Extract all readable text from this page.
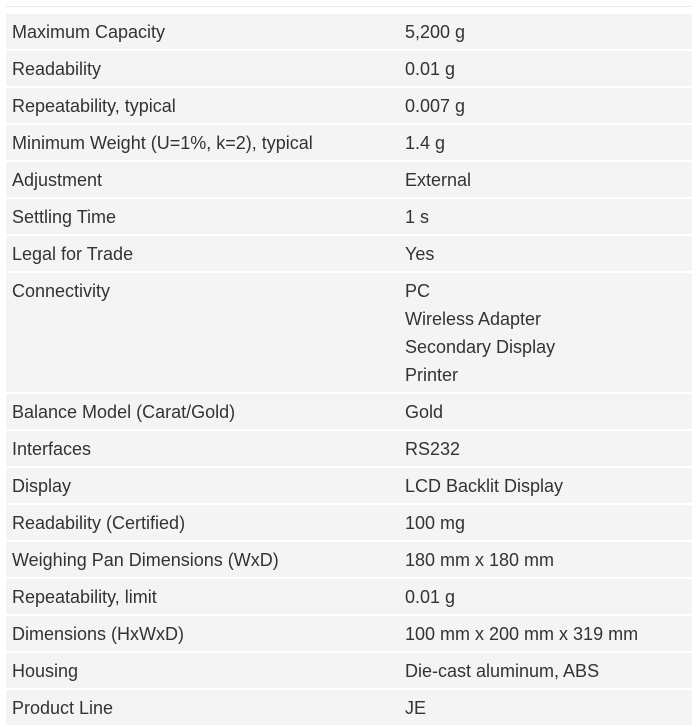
Maximum Capacity	5,200 g

Readability	0.01 g

Repeatability, typical	0.007 g

Minimum Weight (U=1%, k=2), typical	1.4 g

Adjustment	External

Settling Time	1 s

Legal for Trade	Yes

Connectivity	PC
Wireless Adapter
Secondary Display
Printer

Balance Model (Carat/Gold)	Gold

Interfaces	RS232

Display	LCD Backlit Display

Readability (Certified)	100 mg

Weighing Pan Dimensions (WxD)	180 mm x 180 mm

Repeatability, limit	0.01 g

Dimensions (HxWxD)	100 mm x 200 mm x 319 mm

Housing	Die-cast aluminum, ABS

Product Line	JE
